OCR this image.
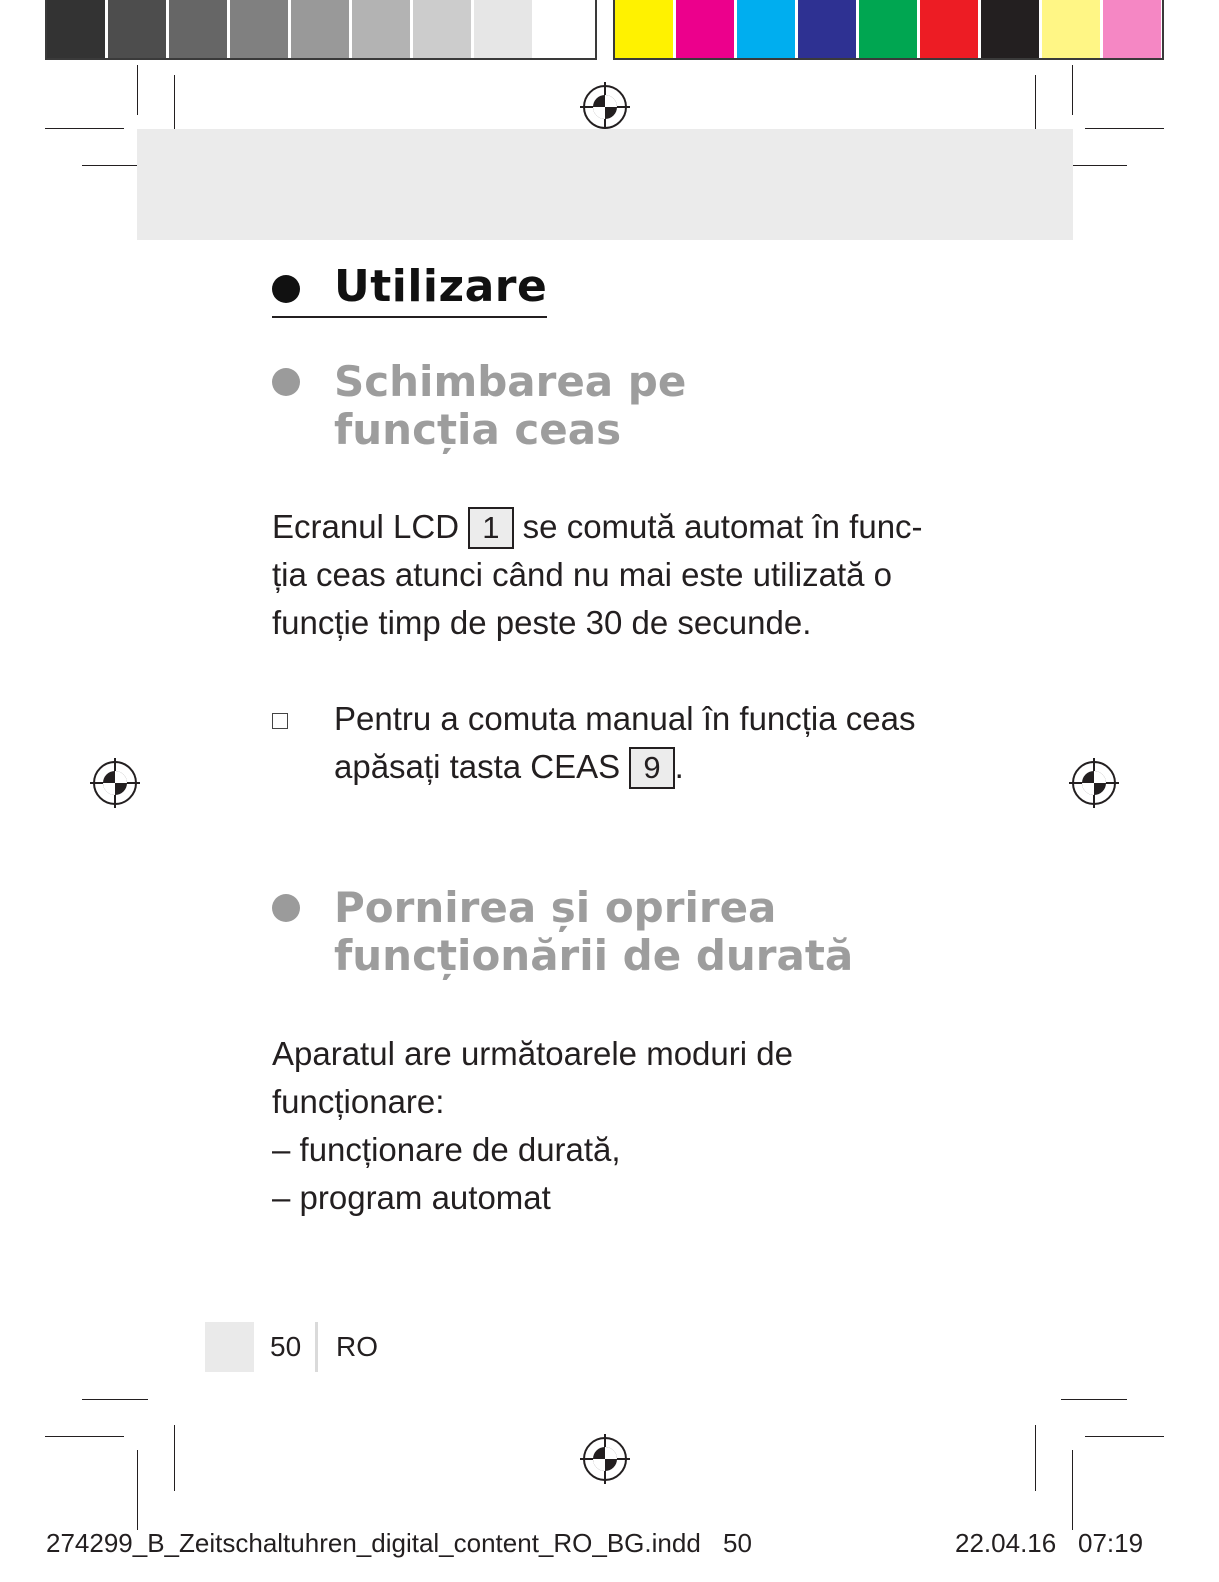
Utilizare
Schimbarea pe
funcția ceas
Ecranul LCD 1 se comută automat în func-
ția ceas atunci când nu mai este utilizată o
funcție timp de peste 30 de secunde.
Pentru a comuta manual în funcția ceas
apăsați tasta CEAS 9 .
Pornirea și oprirea
funcționării de durată
Aparatul are următoarele moduri de
funcționare:
– funcționare de durată,
– program automat
50 RO
274299_B_Zeitschaltuhren_digital_content_RO_BG.indd 50	22.04.16 07:19
